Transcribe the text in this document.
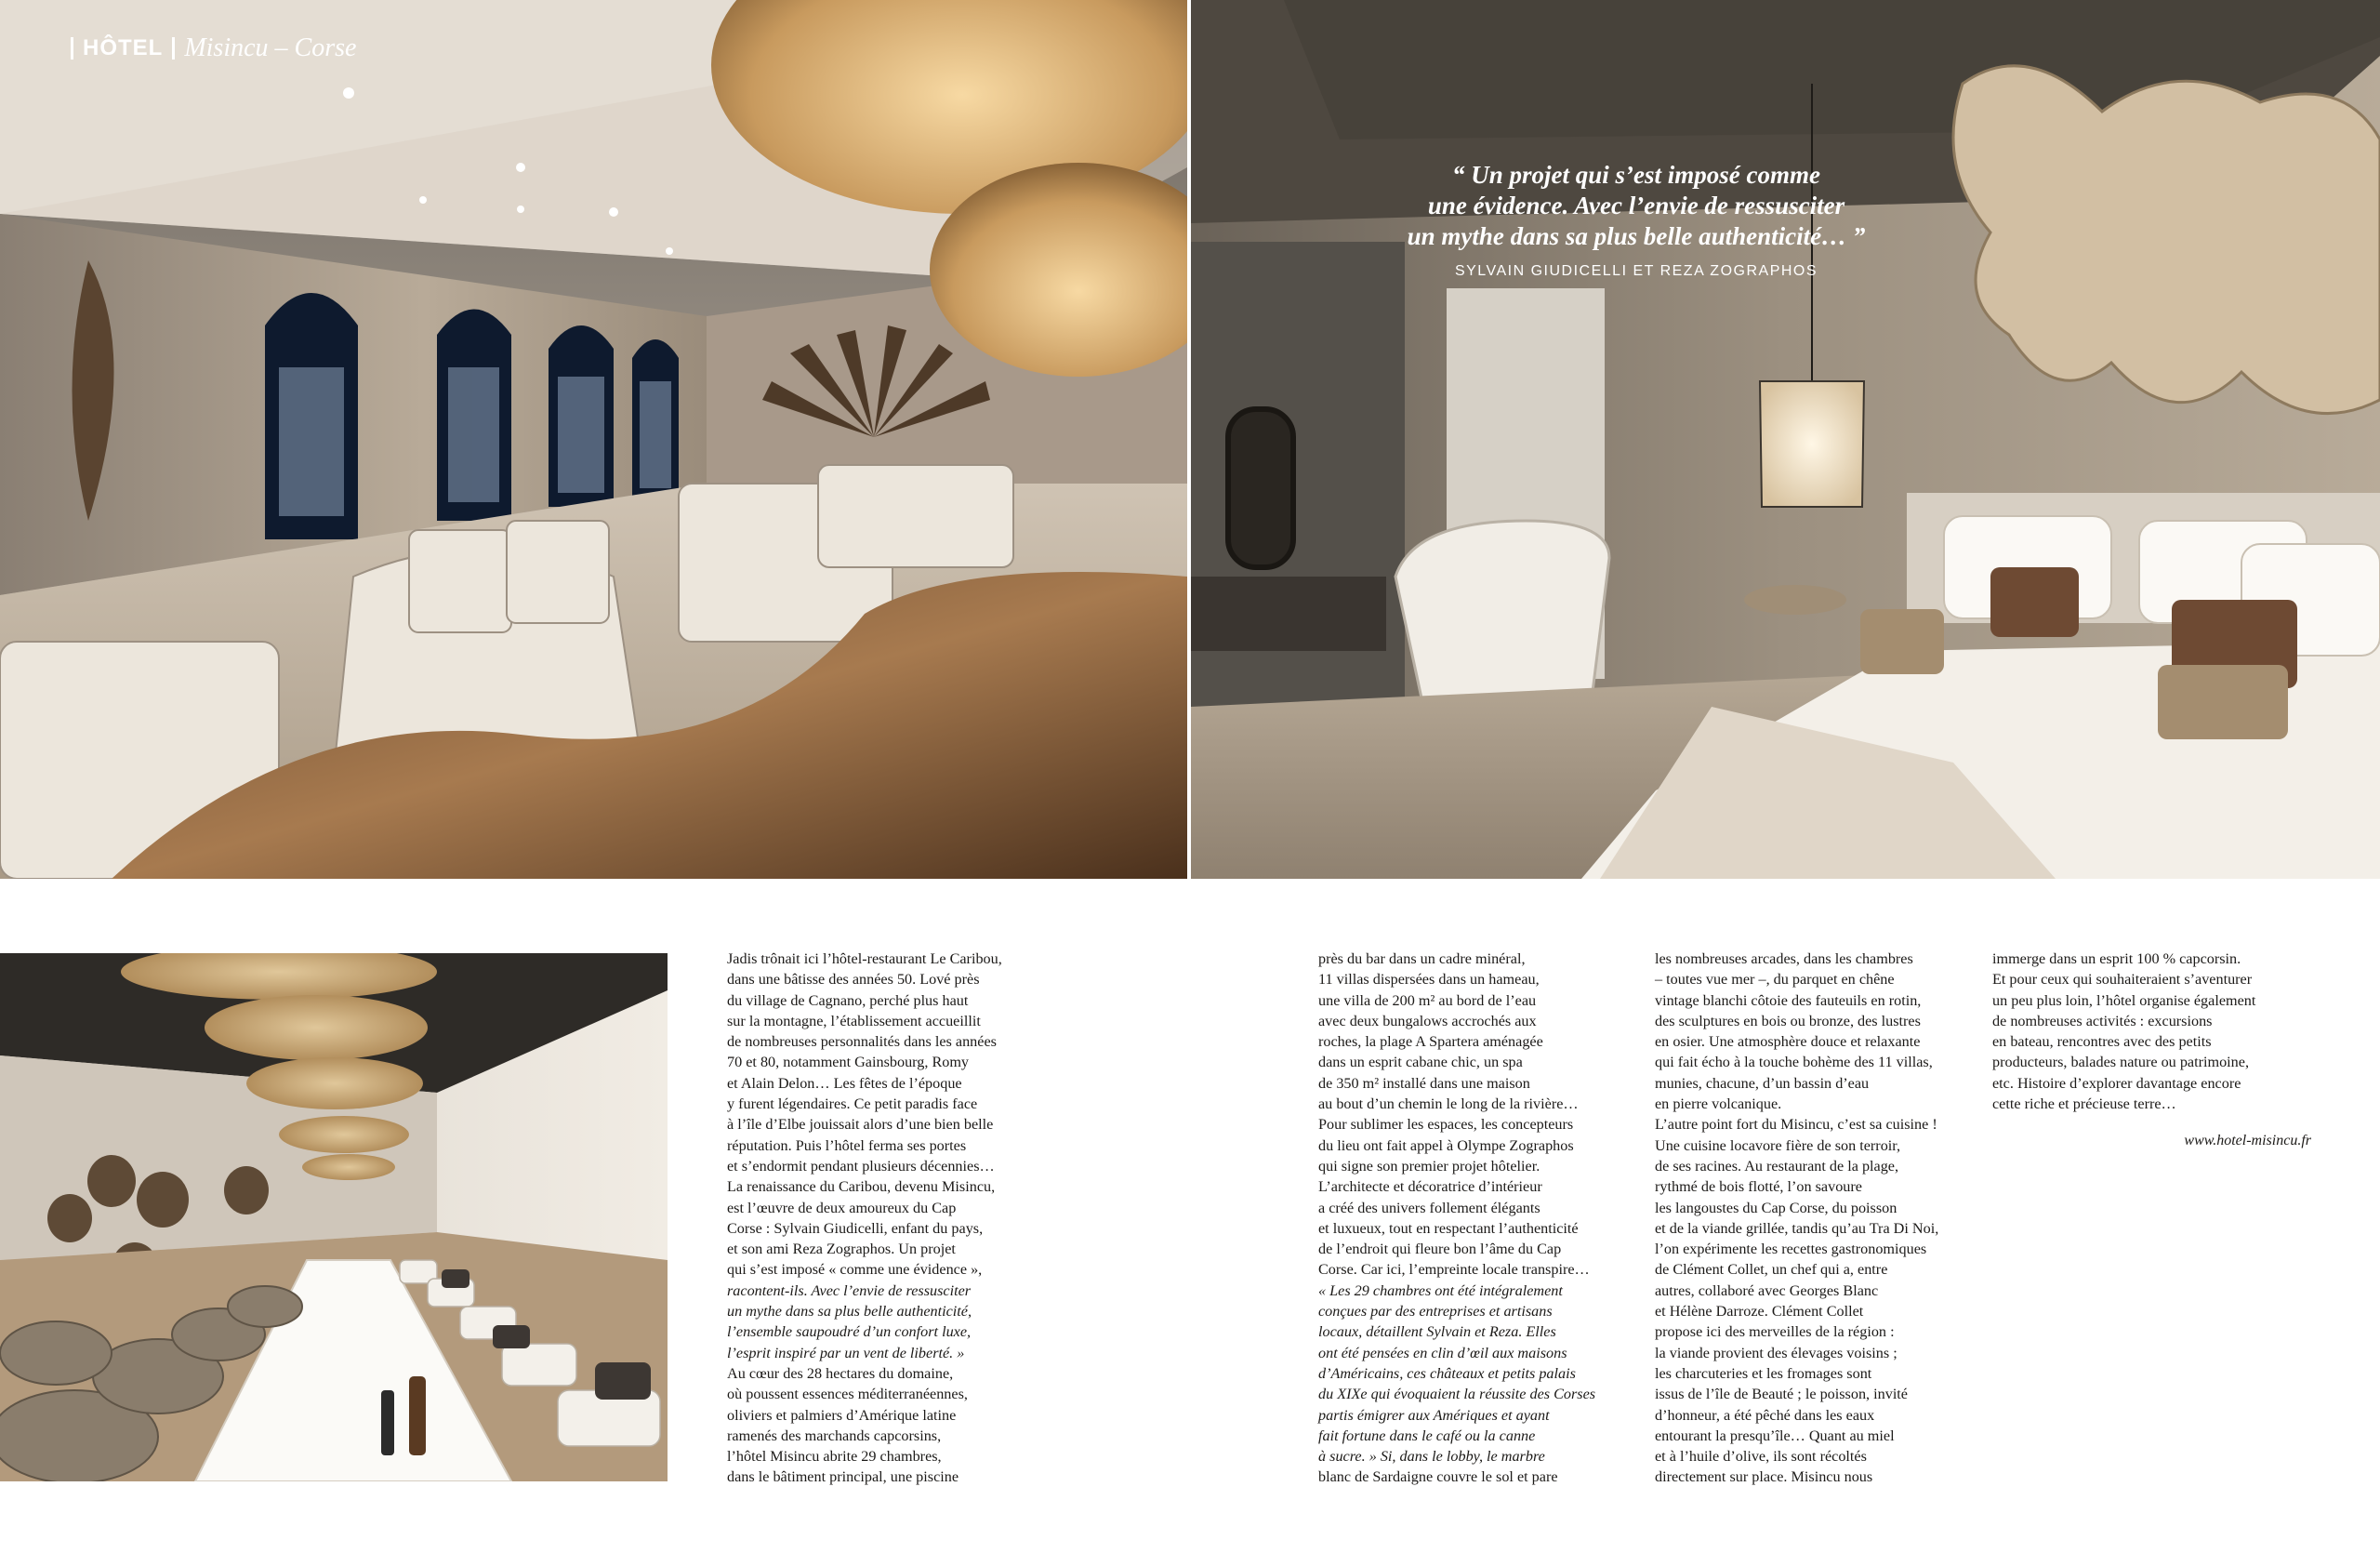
HÔTEL Misincu – Corse
“ Un projet qui s’est imposé comme
une évidence. Avec l’envie de ressusciter
un mythe dans sa plus belle authenticité… ”
SYLVAIN GIUDICELLI ET REZA ZOGRAPHOS

Jadis trônait ici l’hôtel-restaurant Le Caribou,

dans une bâtisse des années 50. Lové près

du village de Cagnano, perché plus haut

sur la montagne, l’établissement accueillit

de nombreuses personnalités dans les années

70 et 80, notamment Gainsbourg, Romy

et Alain Delon… Les fêtes de l’époque

y furent légendaires. Ce petit paradis face

à l’île d’Elbe jouissait alors d’une bien belle

réputation. Puis l’hôtel ferma ses portes

et s’endormit pendant plusieurs décennies…

La renaissance du Caribou, devenu Misincu,

est l’œuvre de deux amoureux du Cap

Corse : Sylvain Giudicelli, enfant du pays,

et son ami Reza Zographos. Un projet

qui s’est imposé « comme une évidence »,

racontent-ils. Avec l’envie de ressusciter

un mythe dans sa plus belle authenticité,

l’ensemble saupoudré d’un confort luxe,

l’esprit inspiré par un vent de liberté. »

Au cœur des 28 hectares du domaine,

où poussent essences méditerranéennes,

oliviers et palmiers d’Amérique latine

ramenés des marchands capcorsins,

l’hôtel Misincu abrite 29 chambres,

dans le bâtiment principal, une piscine

près du bar dans un cadre minéral,

11 villas dispersées dans un hameau,

une villa de 200 m² au bord de l’eau

avec deux bungalows accrochés aux

roches, la plage A Spartera aménagée

dans un esprit cabane chic, un spa

de 350 m² installé dans une maison

au bout d’un chemin le long de la rivière…

Pour sublimer les espaces, les concepteurs

du lieu ont fait appel à Olympe Zographos

qui signe son premier projet hôtelier.

L’architecte et décoratrice d’intérieur

a créé des univers follement élégants

et luxueux, tout en respectant l’authenticité

de l’endroit qui fleure bon l’âme du Cap

Corse. Car ici, l’empreinte locale transpire…

« Les 29 chambres ont été intégralement

conçues par des entreprises et artisans

locaux, détaillent Sylvain et Reza. Elles

ont été pensées en clin d’œil aux maisons

d’Américains, ces châteaux et petits palais

du XIXe qui évoquaient la réussite des Corses

partis émigrer aux Amériques et ayant

fait fortune dans le café ou la canne

à sucre. » Si, dans le lobby, le marbre

blanc de Sardaigne couvre le sol et pare

les nombreuses arcades, dans les chambres

– toutes vue mer –, du parquet en chêne

vintage blanchi côtoie des fauteuils en rotin,

des sculptures en bois ou bronze, des lustres

en osier. Une atmosphère douce et relaxante

qui fait écho à la touche bohème des 11 villas,

munies, chacune, d’un bassin d’eau

en pierre volcanique.

L’autre point fort du Misincu, c’est sa cuisine !

Une cuisine locavore fière de son terroir,

de ses racines. Au restaurant de la plage,

rythmé de bois flotté, l’on savoure

les langoustes du Cap Corse, du poisson

et de la viande grillée, tandis qu’au Tra Di Noi,

l’on expérimente les recettes gastronomiques

de Clément Collet, un chef qui a, entre

autres, collaboré avec Georges Blanc

et Hélène Darroze. Clément Collet

propose ici des merveilles de la région :

la viande provient des élevages voisins ;

les charcuteries et les fromages sont

issus de l’île de Beauté ; le poisson, invité

d’honneur, a été pêché dans les eaux

entourant la presqu’île… Quant au miel

et à l’huile d’olive, ils sont récoltés

directement sur place. Misincu nous

immerge dans un esprit 100 % capcorsin.

Et pour ceux qui souhaiteraient s’aventurer

un peu plus loin, l’hôtel organise également

de nombreuses activités : excursions

en bateau, rencontres avec des petits

producteurs, balades nature ou patrimoine,

etc. Histoire d’explorer davantage encore

cette riche et précieuse terre…

www.hotel-misincu.fr
